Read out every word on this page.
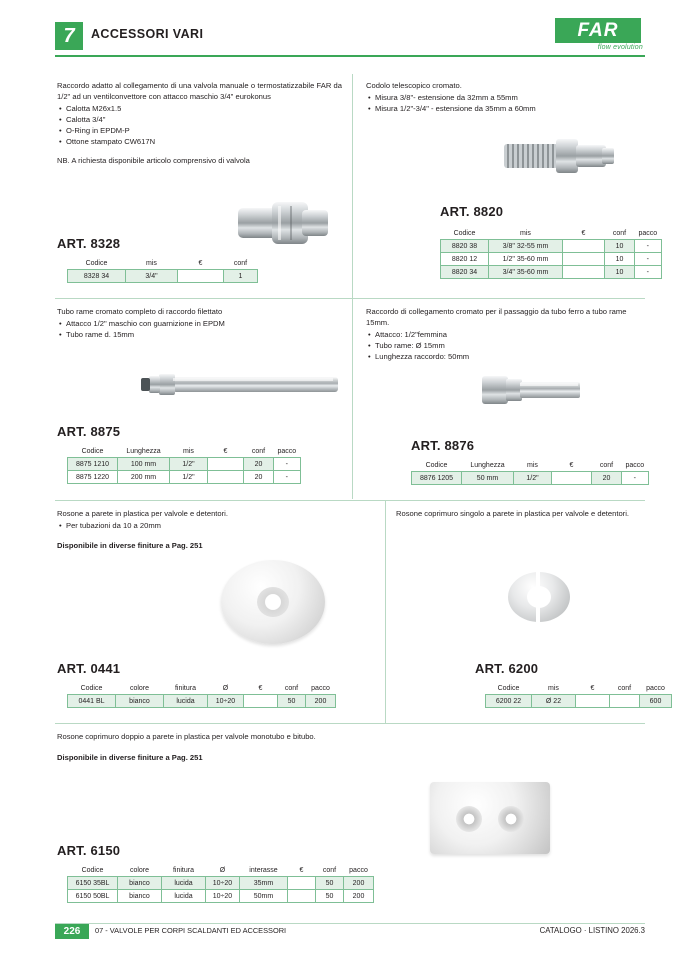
7	ACCESSORI VARI	FAR
flow evolution

Raccordo adatto al collegamento di una valvola manuale o termostatizzabile FAR da 1/2" ad un ventilconvettore con attacco maschio 3/4" eurokonus

• Calotta M26x1.5
• Calotta 3/4"
• O-Ring in EPDM-P
• Ottone stampato CW617N

NB. A richiesta disponibile articolo comprensivo di valvola

ART. 8328
Codice	mis	€	conf
8328 34	3/4"		1

Codolo telescopico cromato.

• Misura 3/8"- estensione da 32mm a 55mm
• Misura 1/2"-3/4" - estensione da 35mm a 60mm
ART. 8820
Codice	mis	€	conf	pacco
8820 38	3/8" 32-55 mm		10	-
8820 12	1/2" 35-60 mm		10	-
8820 34	3/4" 35-60 mm		10	-

Tubo rame cromato completo di raccordo filettato

• Attacco 1/2" maschio con guarnizione in EPDM
• Tubo rame d. 15mm
ART. 8875
Codice	Lunghezza	mis	€	conf	pacco
8875 1210	100 mm	1/2"		20	-
8875 1220	200 mm	1/2"		20	-

Raccordo di collegamento cromato per il passaggio da tubo ferro a tubo rame 15mm.

• Attacco: 1/2"femmina
• Tubo rame: Ø 15mm
• Lunghezza raccordo: 50mm
ART. 8876
Codice	Lunghezza	mis	€	conf	pacco
8876 1205	50 mm	1/2"		20	-

Rosone a parete in plastica per valvole e detentori.

• Per tubazioni da 10 a 20mm

Disponibile in diverse finiture a Pag. 251

ART. 0441
Codice	colore	finitura	Ø	€	conf	pacco
0441 BL	bianco	lucida	10÷20		50	200

Rosone coprimuro singolo a parete in plastica per valvole e detentori.

ART. 6200
Codice	mis	€	conf	pacco
6200 22	Ø 22			600

Rosone coprimuro doppio a parete in plastica per valvole monotubo e bitubo.

Disponibile in diverse finiture a Pag. 251

ART. 6150
Codice	colore	finitura	Ø	interasse	€	conf	pacco
6150 35BL	bianco	lucida	10÷20	35mm		50	200
6150 50BL	bianco	lucida	10÷20	50mm		50	200
226	07 - VALVOLE PER CORPI SCALDANTI ED ACCESSORI	CATALOGO · LISTINO 2026.3
